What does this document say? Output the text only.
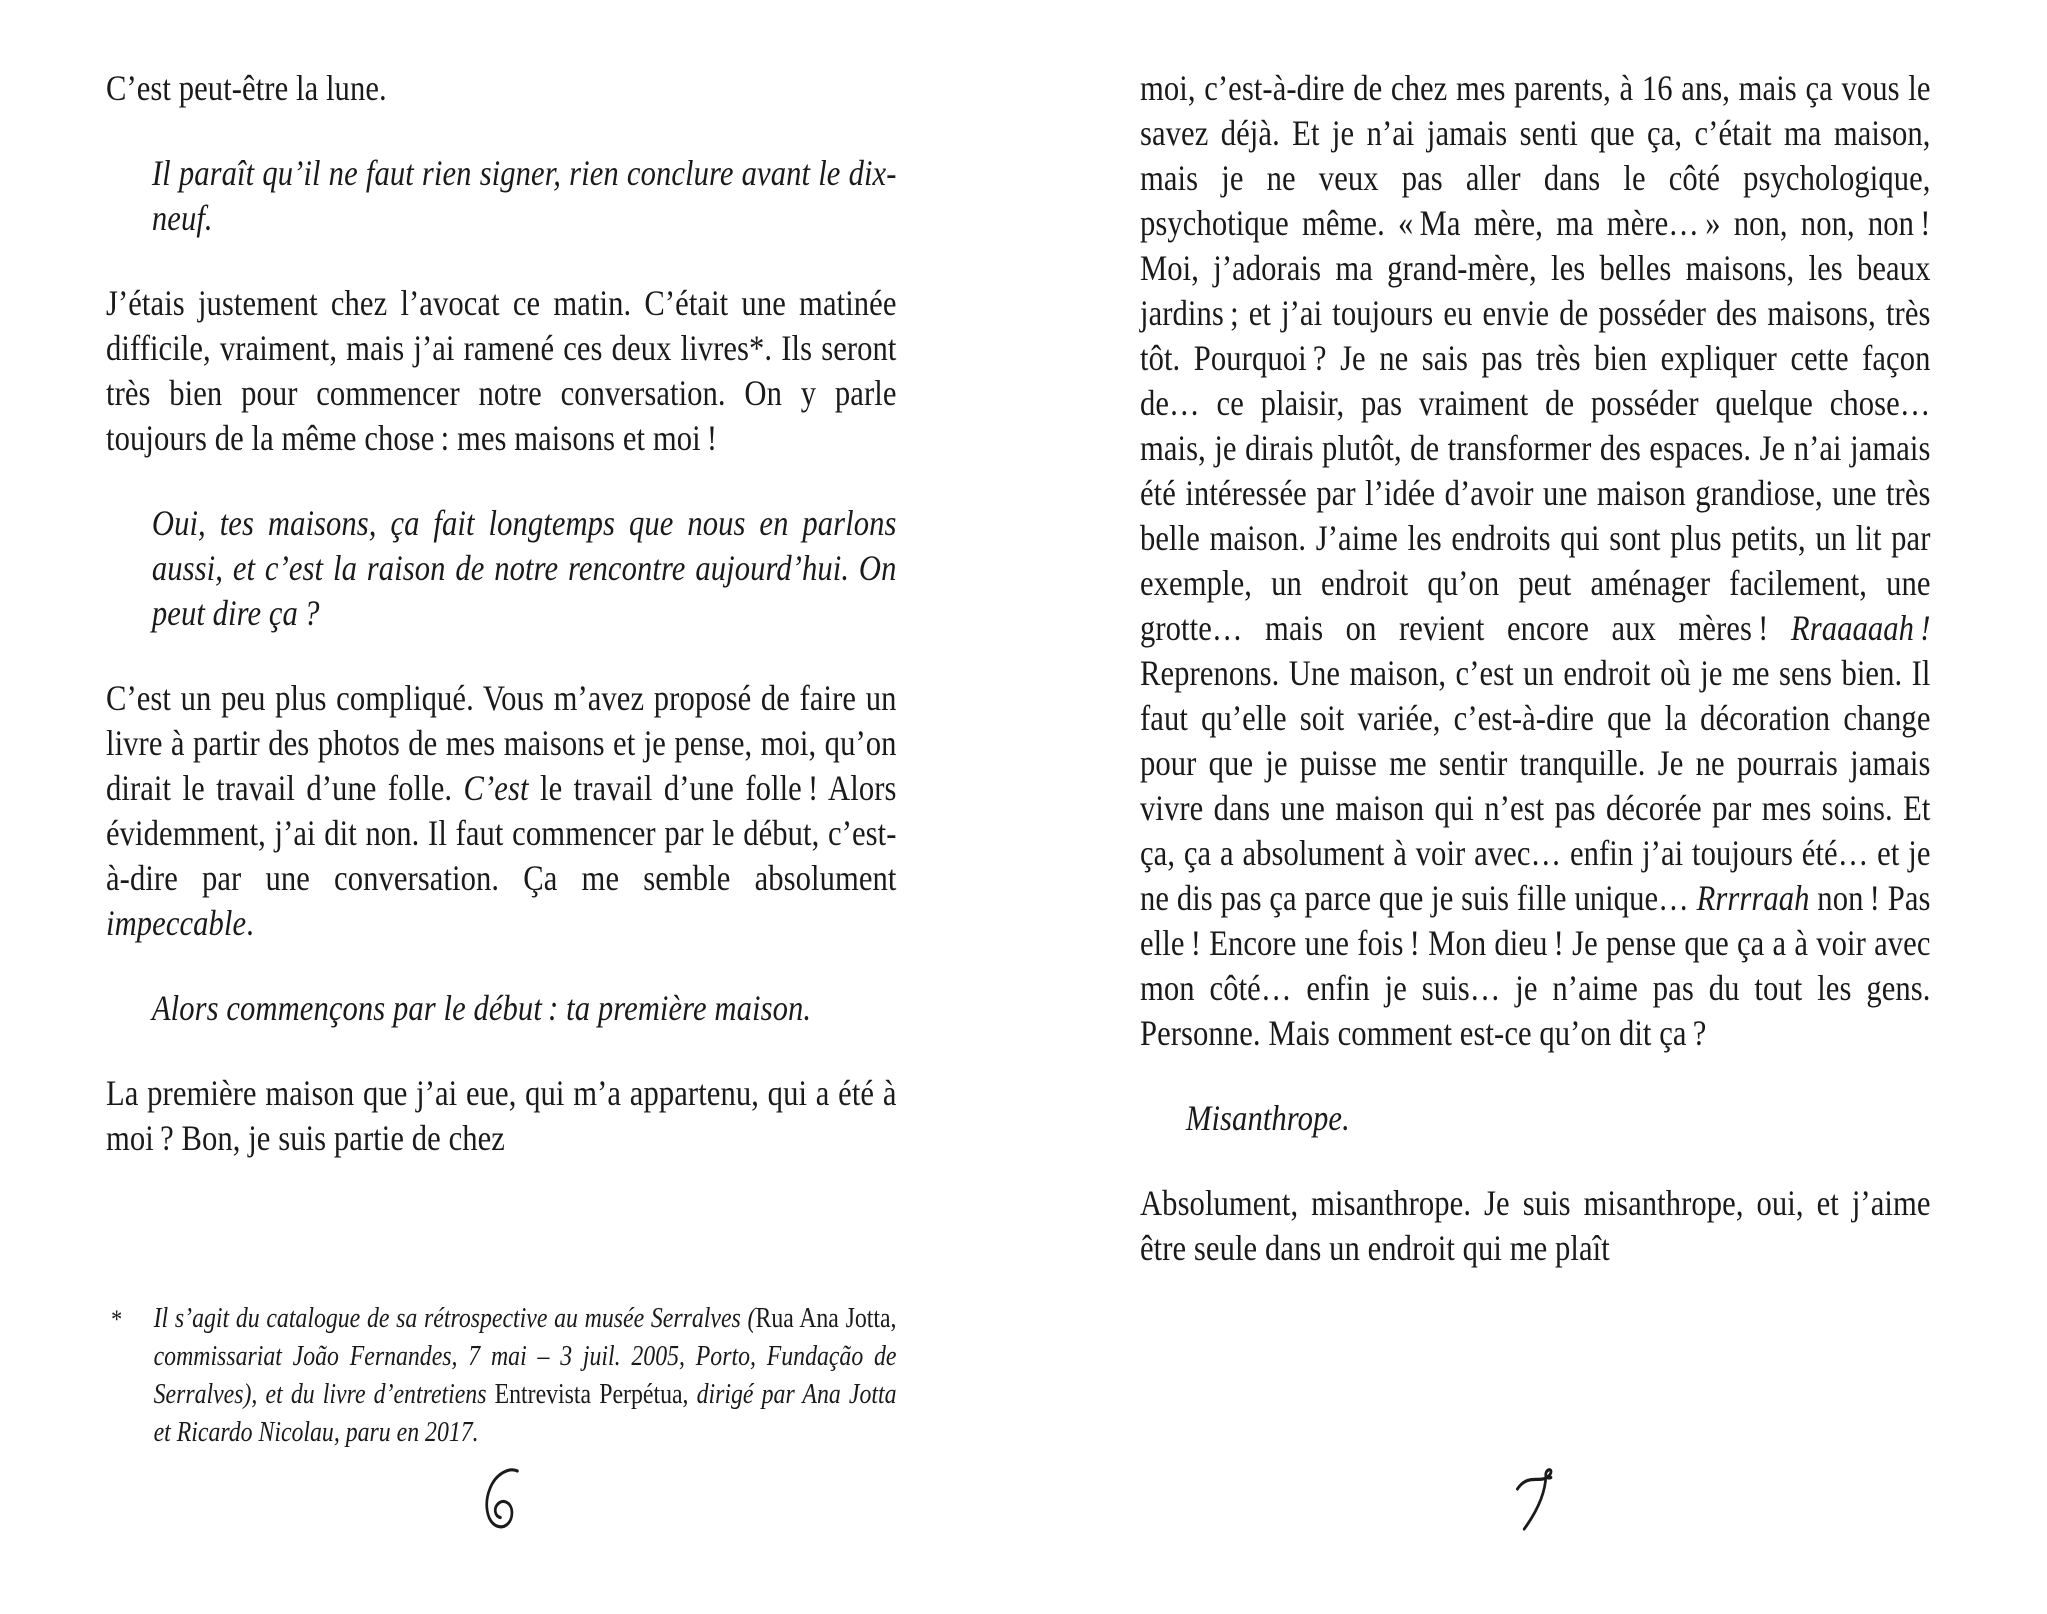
C’est peut-être la lune.

Il paraît qu’il ne faut rien signer, rien conclure avant le dix-neuf.

J’étais justement chez l’avocat ce matin. C’était une matinée difficile, vraiment, mais j’ai ramené ces deux livres*. Ils seront très bien pour commencer notre conversation. On y parle toujours de la même chose : mes maisons et moi !

Oui, tes maisons, ça fait longtemps que nous en parlons aussi, et c’est la raison de notre rencontre aujourd’hui. On peut dire ça ?

C’est un peu plus compliqué. Vous m’avez proposé de faire un livre à partir des photos de mes maisons et je pense, moi, qu’on dirait le travail d’une folle. C’est le travail d’une folle ! Alors évidemment, j’ai dit non. Il faut commencer par le début, c’est-à-dire par une conversation. Ça me semble absolument impeccable.

Alors commençons par le début : ta première maison.

La première maison que j’ai eue, qui m’a appartenu, qui a été à moi ? Bon, je suis partie de chez

* Il s’agit du catalogue de sa rétrospective au musée Serralves (Rua Ana Jotta, commissariat João Fernandes, 7 mai – 3 juil. 2005, Porto, Fundação de Serralves), et du livre d’entretiens Entrevista Perpétua, dirigé par Ana Jotta et Ricardo Nicolau, paru en 2017.

moi, c’est-à-dire de chez mes parents, à 16 ans, mais ça vous le savez déjà. Et je n’ai jamais senti que ça, c’était ma maison, mais je ne veux pas aller dans le côté psychologique, psychotique même. « Ma mère, ma mère… » non, non, non ! Moi, j’adorais ma grand-mère, les belles maisons, les beaux jardins ; et j’ai toujours eu envie de posséder des maisons, très tôt. Pourquoi ? Je ne sais pas très bien expliquer cette façon de… ce plaisir, pas vraiment de posséder quelque chose… mais, je dirais plutôt, de transformer des espaces. Je n’ai jamais été intéressée par l’idée d’avoir une maison grandiose, une très belle maison. J’aime les endroits qui sont plus petits, un lit par exemple, un endroit qu’on peut aménager facilement, une grotte… mais on revient encore aux mères ! Rraaaaah ! Reprenons. Une maison, c’est un endroit où je me sens bien. Il faut qu’elle soit variée, c’est-à-dire que la décoration change pour que je puisse me sentir tranquille. Je ne pourrais jamais vivre dans une maison qui n’est pas décorée par mes soins. Et ça, ça a absolument à voir avec… enfin j’ai toujours été… et je ne dis pas ça parce que je suis fille unique… Rrrrraah non ! Pas elle ! Encore une fois ! Mon dieu ! Je pense que ça a à voir avec mon côté… enfin je suis… je n’aime pas du tout les gens. Personne. Mais comment est-ce qu’on dit ça ?

Misanthrope.

Absolument, misanthrope. Je suis misanthrope, oui, et j’aime être seule dans un endroit qui me plaît
